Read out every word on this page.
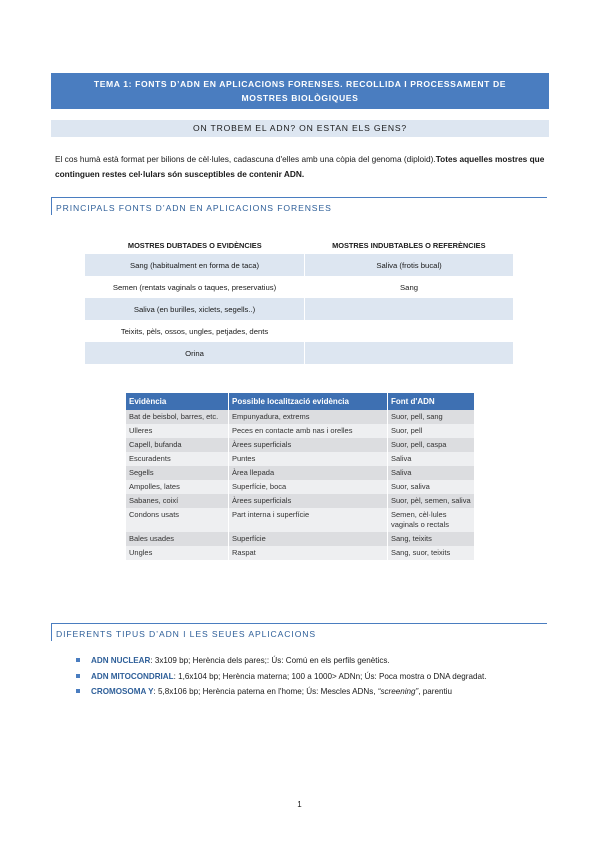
TEMA 1: FONTS D’ADN EN APLICACIONS FORENSES. RECOLLIDA I PROCESSAMENT DE
MOSTRES BIOLÒGIQUES
ON TROBEM EL ADN? ON ESTAN ELS GENS?
El cos humà està format per bilions de cèl·lules, cadascuna d'elles amb una còpia del genoma (diploid).Totes aquelles mostres que continguen restes cel·lulars són susceptibles de contenir ADN.
PRINCIPALS FONTS D’ADN EN APLICACIONS FORENSES
MOSTRES DUBTADES O EVIDÈNCIES	MOSTRES INDUBTABLES O REFERÈNCIES
Sang (habitualment en forma de taca)	Saliva (frotis bucal)
Semen (rentats vaginals o taques, preservatius)	Sang
Saliva (en burilles, xiclets, segells..)	
Teixits, pèls, ossos, ungles, petjades, dents	
Orina	
Evidència	Possible localització evidència	Font d'ADN
Bat de beisbol, barres, etc.	Empunyadura, extrems	Suor, pell, sang
Ulleres	Peces en contacte amb nas i orelles	Suor, pell
Capell, bufanda	Àrees superficials	Suor, pell, caspa
Escuradents	Puntes	Saliva
Segells	Àrea llepada	Saliva
Ampolles, lates	Superfície, boca	Suor, saliva
Sabanes, coixí	Àrees superficials	Suor, pèl, semen, saliva
Condons usats	Part interna i superfície	Semen, cèl·lules vaginals o rectals
Bales usades	Superfície	Sang, teixits
Ungles	Raspat	Sang, suor, teixits
DIFERENTS TIPUS D’ADN I LES SEUES APLICACIONS
ADN NUCLEAR: 3x109 bp; Herència dels pares;: Ús: Comú en els perfils genètics.
ADN MITOCONDRIAL: 1,6x104 bp; Herència materna; 100 a 1000> ADNn; Ús: Poca mostra o DNA degradat.
CROMOSOMA Y: 5,8x106 bp; Herència paterna en l'home; Ús: Mescles ADNs, “screening”, parentiu
1
